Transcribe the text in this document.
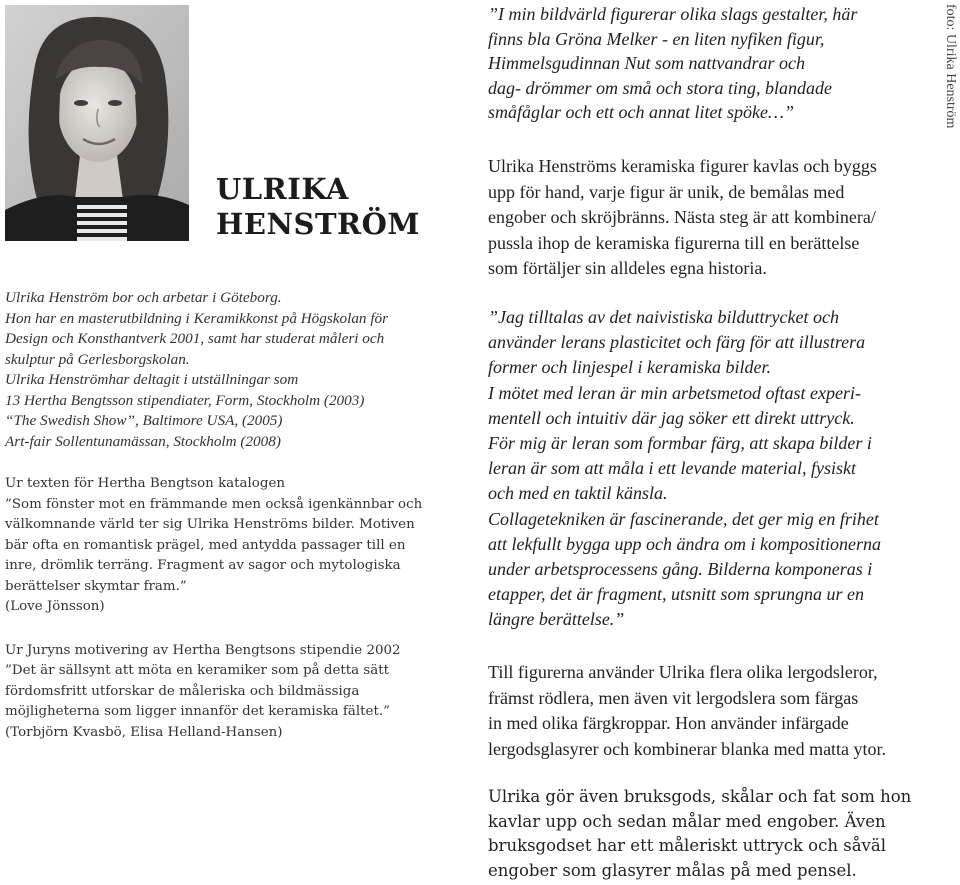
ULRIKA
HENSTRÖM
foto: Ulrika Henström

Ulrika Henström bor och arbetar i Göteborg.

Hon har en masterutbildning i Keramikkonst på Högskolan för

Design och Konsthantverk 2001, samt har studerat måleri och

skulptur på Gerlesborgskolan.

Ulrika Henströmhar deltagit i utställningar som

13 Hertha Bengtsson stipendiater, Form, Stockholm (2003)

“The Swedish Show”, Baltimore USA, (2005)

Art-fair Sollentunamässan, Stockholm (2008)

Ur texten för Hertha Bengtson katalogen

”Som fönster mot en främmande men också igenkännbar och

välkomnande värld ter sig Ulrika Henströms bilder. Motiven

bär ofta en romantisk prägel, med antydda passager till en

inre, drömlik terräng. Fragment av sagor och mytologiska

berättelser skymtar fram.”

(Love Jönsson)

Ur Juryns motivering av Hertha Bengtsons stipendie 2002

”Det är sällsynt att möta en keramiker som på detta sätt

fördomsfritt utforskar de måleriska och bildmässiga

möjligheterna som ligger innanför det keramiska fältet.”

(Torbjörn Kvasbö, Elisa Helland-Hansen)

”I min bildvärld figurerar olika slags gestalter, här

finns bla Gröna Melker - en liten nyfiken figur,

Himmelsgudinnan Nut som nattvandrar och

dag- drömmer om små och stora ting, blandade

småfåglar och ett och annat litet spöke…”

Ulrika Henströms keramiska figurer kavlas och byggs

upp för hand, varje figur är unik, de bemålas med

engober och skröjbränns. Nästa steg är att kombinera/

pussla ihop de keramiska figurerna till en berättelse

som förtäljer sin alldeles egna historia.

”Jag tilltalas av det naivistiska bilduttrycket och

använder lerans plasticitet och färg för att illustrera

former och linjespel i keramiska bilder.

I mötet med leran är min arbetsmetod oftast experi-

mentell och intuitiv där jag söker ett direkt uttryck.

För mig är leran som formbar färg, att skapa bilder i

leran är som att måla i ett levande material, fysiskt

och med en taktil känsla.

Collagetekniken är fascinerande, det ger mig en frihet

att lekfullt bygga upp och ändra om i kompositionerna

under arbetsprocessens gång. Bilderna komponeras i

etapper, det är fragment, utsnitt som sprungna ur en

längre berättelse.”

Till figurerna använder Ulrika flera olika lergodsleror,

främst rödlera, men även vit lergodslera som färgas

in med olika färgkroppar. Hon använder infärgade

lergodsglasyrer och kombinerar blanka med matta ytor.

Ulrika gör även bruksgods, skålar och fat som hon

kavlar upp och sedan målar med engober. Även

bruksgodset har ett måleriskt uttryck och såväl

engober som glasyrer målas på med pensel.
